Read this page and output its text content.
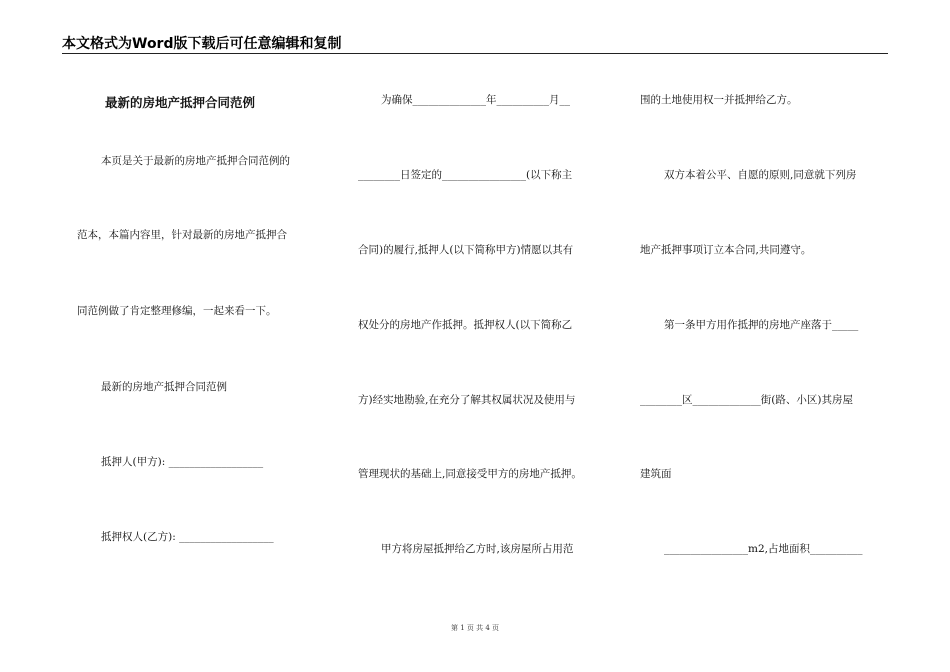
本文格式为Word版下载后可任意编辑和复制
最新的房地产抵押合同范例
本页是关于最新的房地产抵押合同范例的
范本，本篇内容里，针对最新的房地产抵押合
同范例做了肯定整理修编，一起来看一下。
最新的房地产抵押合同范例
抵押人(甲方): __________________
抵押权人(乙方): __________________
为确保______________年__________月__
________日签定的________________(以下称主
合同)的履行,抵押人(以下简称甲方)情愿以其有
权处分的房地产作抵押。抵押权人(以下简称乙
方)经实地勘验,在充分了解其权属状况及使用与
管理现状的基础上,同意接受甲方的房地产抵押。
甲方将房屋抵押给乙方时,该房屋所占用范
围的土地使用权一并抵押给乙方。
双方本着公平、自愿的原则,同意就下列房
地产抵押事项订立本合同,共同遵守。
第一条甲方用作抵押的房地产座落于_____
________区_____________街(路、小区)其房屋
建筑面
________________m2,占地面积__________
第 1 页 共 4 页
